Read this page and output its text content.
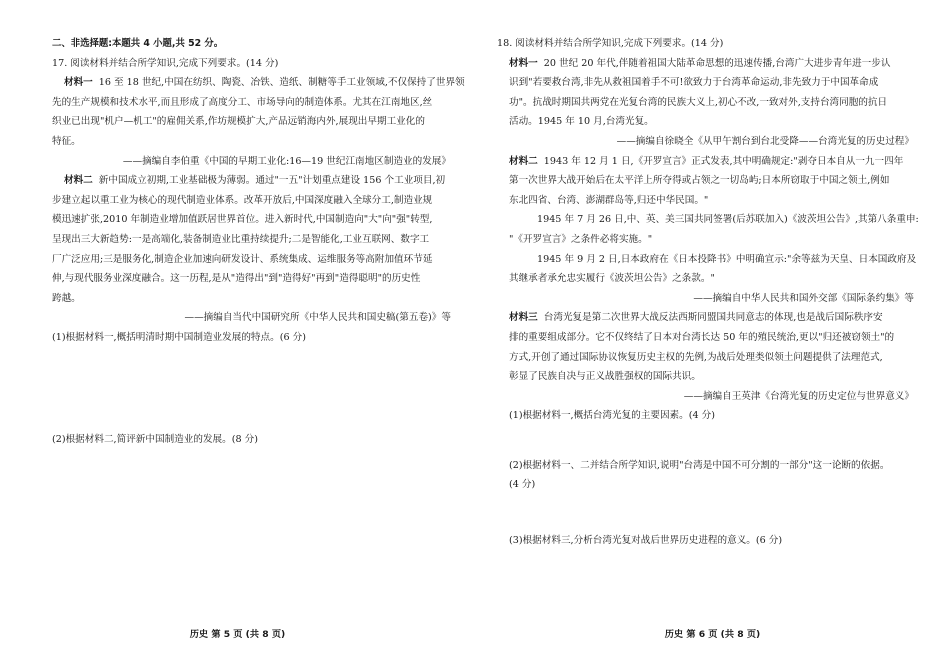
二、非选择题:本题共 4 小题,共 52 分。
17. 阅读材料并结合所学知识,完成下列要求。(14 分)
材料一 16 至 18 世纪,中国在纺织、陶瓷、冶铁、造纸、制糖等手工业领域,不仅保持了世界领
先的生产规模和技术水平,而且形成了高度分工、市场导向的制造体系。尤其在江南地区,丝
织业已出现"机户—机工"的雇佣关系,作坊规模扩大,产品远销海内外,展现出早期工业化的
特征。
——摘编自李伯重《中国的早期工业化:16—19 世纪江南地区制造业的发展》
材料二 新中国成立初期,工业基础极为薄弱。通过"一五"计划重点建设 156 个工业项目,初
步建立起以重工业为核心的现代制造业体系。改革开放后,中国深度融入全球分工,制造业规
模迅速扩张,2010 年制造业增加值跃居世界首位。进入新时代,中国制造向"大"向"强"转型,
呈现出三大新趋势:一是高端化,装备制造业比重持续提升;二是智能化,工业互联网、数字工
厂广泛应用;三是服务化,制造企业加速向研发设计、系统集成、运维服务等高附加值环节延
伸,与现代服务业深度融合。这一历程,是从"造得出"到"造得好"再到"造得聪明"的历史性
跨越。
——摘编自当代中国研究所《中华人民共和国史稿(第五卷)》等
(1)根据材料一,概括明清时期中国制造业发展的特点。(6 分)
(2)根据材料二,简评新中国制造业的发展。(8 分)
18. 阅读材料并结合所学知识,完成下列要求。(14 分)
材料一 20 世纪 20 年代,伴随着祖国大陆革命思想的迅速传播,台湾广大进步青年进一步认
识到"若要救台湾,非先从救祖国着手不可!欲致力于台湾革命运动,非先致力于中国革命成
功"。抗战时期国共两党在光复台湾的民族大义上,初心不改,一致对外,支持台湾同胞的抗日
活动。1945 年 10 月,台湾光复。
——摘编自徐晓全《从甲午割台到台北受降——台湾光复的历史过程》
材料二 1943 年 12 月 1 日,《开罗宣言》正式发表,其中明确规定:"剥夺日本自从一九一四年
第一次世界大战开始后在太平洋上所夺得或占领之一切岛屿;日本所窃取于中国之领土,例如
东北四省、台湾、澎湖群岛等,归还中华民国。"
1945 年 7 月 26 日,中、英、美三国共同签署(后苏联加入)《波茨坦公告》,其第八条重申:
"《开罗宣言》之条件必将实施。"
1945 年 9 月 2 日,日本政府在《日本投降书》中明确宣示:"余等兹为天皇、日本国政府及
其继承者承允忠实履行《波茨坦公告》之条款。"
——摘编自中华人民共和国外交部《国际条约集》等
材料三 台湾光复是第二次世界大战反法西斯同盟国共同意志的体现,也是战后国际秩序安
排的重要组成部分。它不仅终结了日本对台湾长达 50 年的殖民统治,更以"归还被窃领土"的
方式,开创了通过国际协议恢复历史主权的先例,为战后处理类似领土问题提供了法理范式,
彰显了民族自决与正义战胜强权的国际共识。
——摘编自王英津《台湾光复的历史定位与世界意义》
(1)根据材料一,概括台湾光复的主要因素。(4 分)
(2)根据材料一、二并结合所学知识,说明"台湾是中国不可分割的一部分"这一论断的依据。
(4 分)
(3)根据材料三,分析台湾光复对战后世界历史进程的意义。(6 分)
历史 第 5 页 (共 8 页)	历史 第 6 页 (共 8 页)
